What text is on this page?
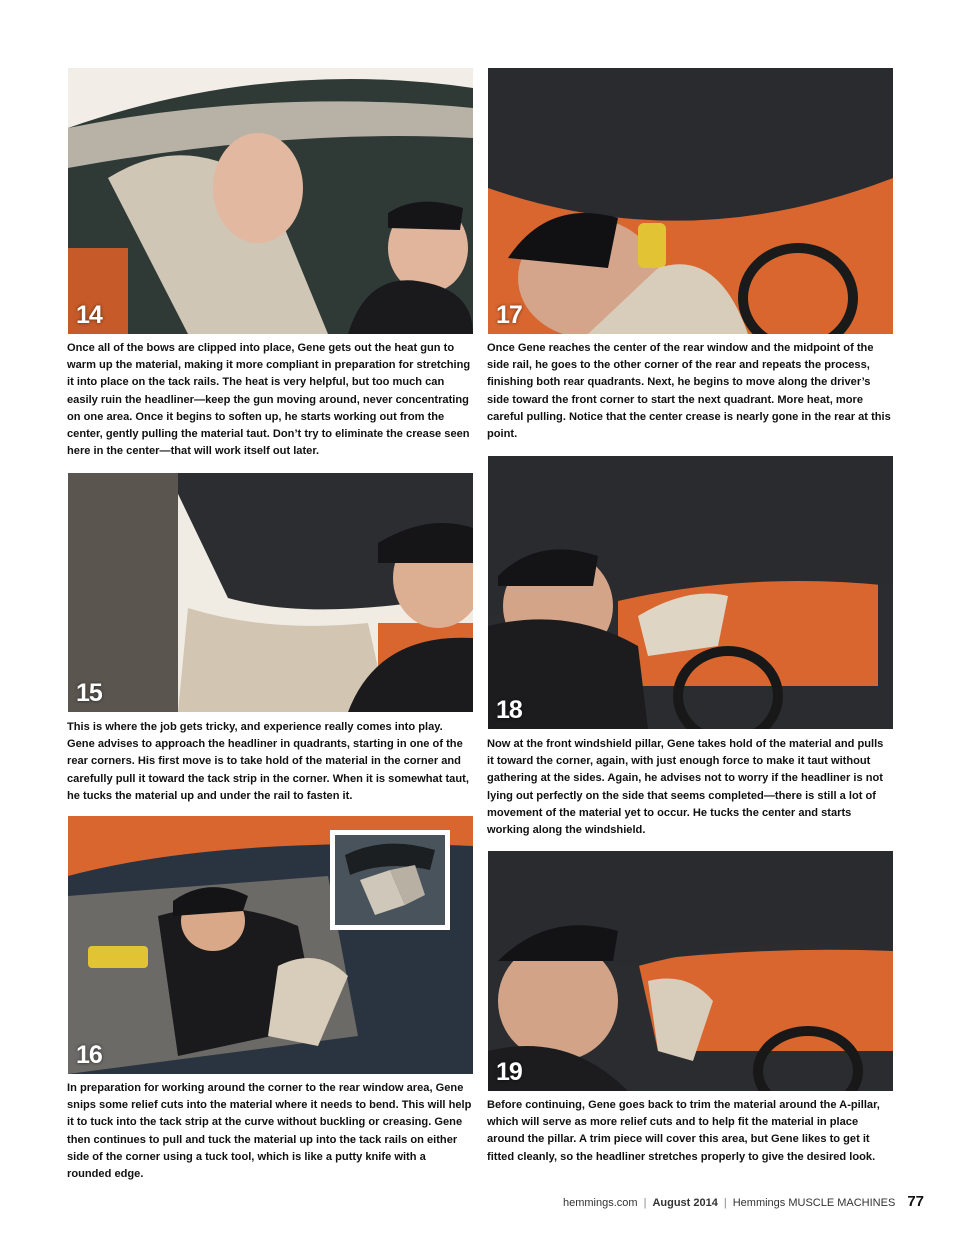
14

Once all of the bows are clipped into place, Gene gets out the heat gun to warm up the material, making it more compliant in preparation for stretching it into place on the tack rails. The heat is very helpful, but too much can easily ruin the headliner—keep the gun moving around, never concentrating on one area. Once it begins to soften up, he starts working out from the center, gently pulling the material taut. Don’t try to eliminate the crease seen here in the center—that will work itself out later.

17

Once Gene reaches the center of the rear window and the midpoint of the side rail, he goes to the other corner of the rear and repeats the process, finishing both rear quadrants. Next, he begins to move along the driver’s side toward the front corner to start the next quadrant. More heat, more careful pulling. Notice that the center crease is nearly gone in the rear at this point.

15

This is where the job gets tricky, and experience really comes into play. Gene advises to approach the headliner in quadrants, starting in one of the rear corners. His first move is to take hold of the material in the corner and carefully pull it toward the tack strip in the corner. When it is somewhat taut, he tucks the material up and under the rail to fasten it.

18

Now at the front windshield pillar, Gene takes hold of the material and pulls it toward the corner, again, with just enough force to make it taut without gathering at the sides. Again, he advises not to worry if the headliner is not lying out perfectly on the side that seems completed—there is still a lot of movement of the material yet to occur. He tucks the center and starts working along the windshield.

16

In preparation for working around the corner to the rear window area, Gene snips some relief cuts into the material where it needs to bend. This will help it to tuck into the tack strip at the curve without buckling or creasing. Gene then continues to pull and tuck the material up into the tack rails on either side of the corner using a tuck tool, which is like a putty knife with a rounded edge.

19

Before continuing, Gene goes back to trim the material around the A-pillar, which will serve as more relief cuts and to help fit the material in place around the pillar. A trim piece will cover this area, but Gene likes to get it fitted cleanly, so the headliner stretches properly to give the desired look.

hemmings.com | August 2014 | Hemmings MUSCLE MACHINES 77
